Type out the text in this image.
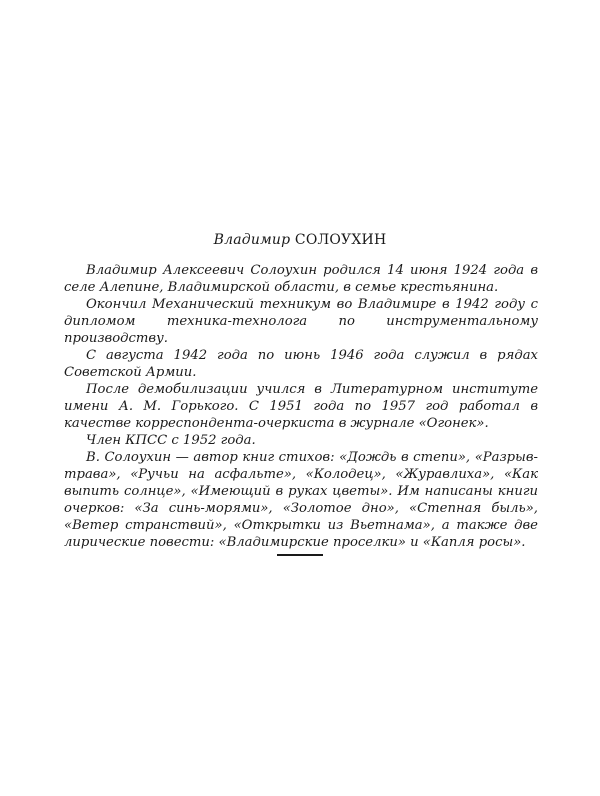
Владимир СОЛОУХИН

Владимир Алексеевич Солоухин родился 14 июня 1924 года в селе Алепине, Владимирской области, в семье крестьянина.

Окончил Механический техникум во Владимире в 1942 году с дипломом техника-технолога по инструментальному производству.

С августа 1942 года по июнь 1946 года служил в рядах Советской Армии.

После демобилизации учился в Литературном институте имени А. М. Горького. С 1951 года по 1957 год работал в качестве корреспондента-очеркиста в журнале «Огонек».

Член КПСС с 1952 года.

В. Солоухин — автор книг стихов: «Дождь в степи», «Разрыв-трава», «Ручьи на асфальте», «Колодец», «Журавлиха», «Как выпить солнце», «Имеющий в руках цветы». Им написаны книги очерков: «За синь-морями», «Золотое дно», «Степная быль», «Ветер странствий», «Открытки из Вьетнама», а также две лирические повести: «Владимирские проселки» и «Капля росы».
